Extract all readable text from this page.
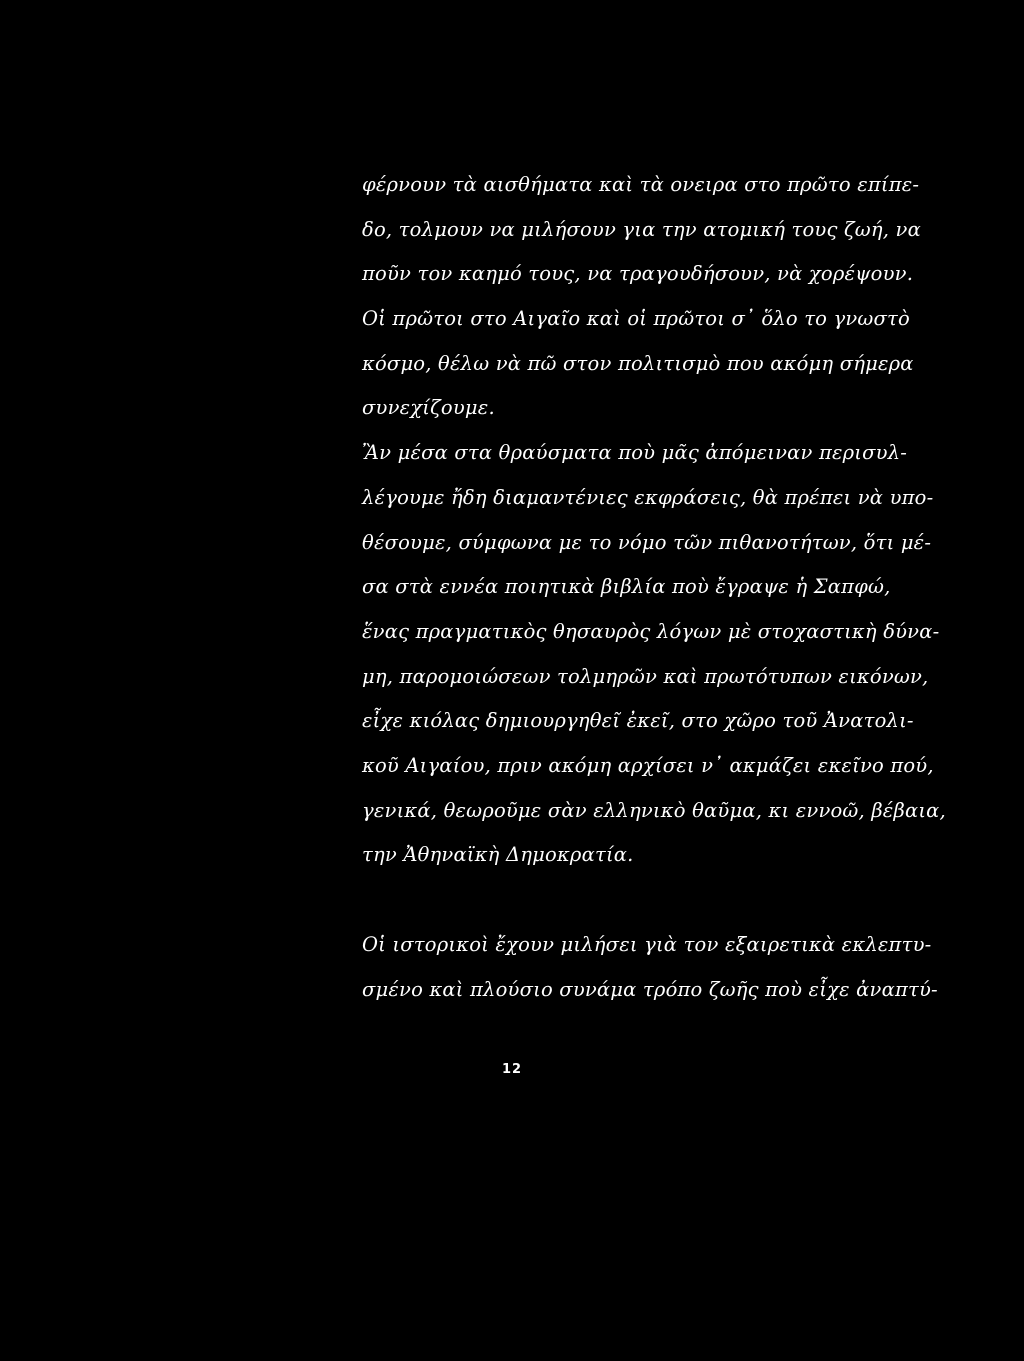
φέρνουν τὰ αισθήματα καὶ τὰ ονειρα στο πρῶτο επίπε-
δο, τολμουν να μιλήσουν για την ατομική τους ζωή, να
ποῦν τον καημό τους, να τραγουδήσουν, νὰ χορέψουν.
Οἱ πρῶτοι στο Αιγαῖο καὶ οἱ πρῶτοι σ᾽ ὅλο το γνωστὸ
κόσμο, θέλω νὰ πῶ στον πολιτισμὸ που ακόμη σήμερα
συνεχίζουμε.
Ἂν μέσα στα θραύσματα ποὺ μᾶς ἀπόμειναν περισυλ-
λέγουμε ἤδη διαμαντένιες εκφράσεις, θὰ πρέπει νὰ υπο-
θέσουμε, σύμφωνα με το νόμο τῶν πιθανοτήτων, ὅτι μέ-
σα στὰ εννέα ποιητικὰ βιβλία ποὺ ἔγραψε ἡ Σαπφώ,
ἕνας πραγματικὸς θησαυρὸς λόγων μὲ στοχαστικὴ δύνα-
μη, παρομοιώσεων τολμηρῶν καὶ πρωτότυπων εικόνων,
εἶχε κιόλας δημιουργηθεῖ ἐκεῖ, στο χῶρο τοῦ Ἀνατολι-
κοῦ Αιγαίου, πριν ακόμη αρχίσει ν᾽ ακμάζει εκεῖνο πού,
γενικά, θεωροῦμε σὰν ελληνικὸ θαῦμα, κι εννοῶ, βέβαια,
την Ἀθηναϊκὴ Δημοκρατία.
Οἱ ιστορικοὶ ἔχουν μιλήσει γιὰ τον εξαιρετικὰ εκλεπτυ-
σμένο καὶ πλούσιο συνάμα τρόπο ζωῆς ποὺ εἶχε ἀναπτύ-
12
